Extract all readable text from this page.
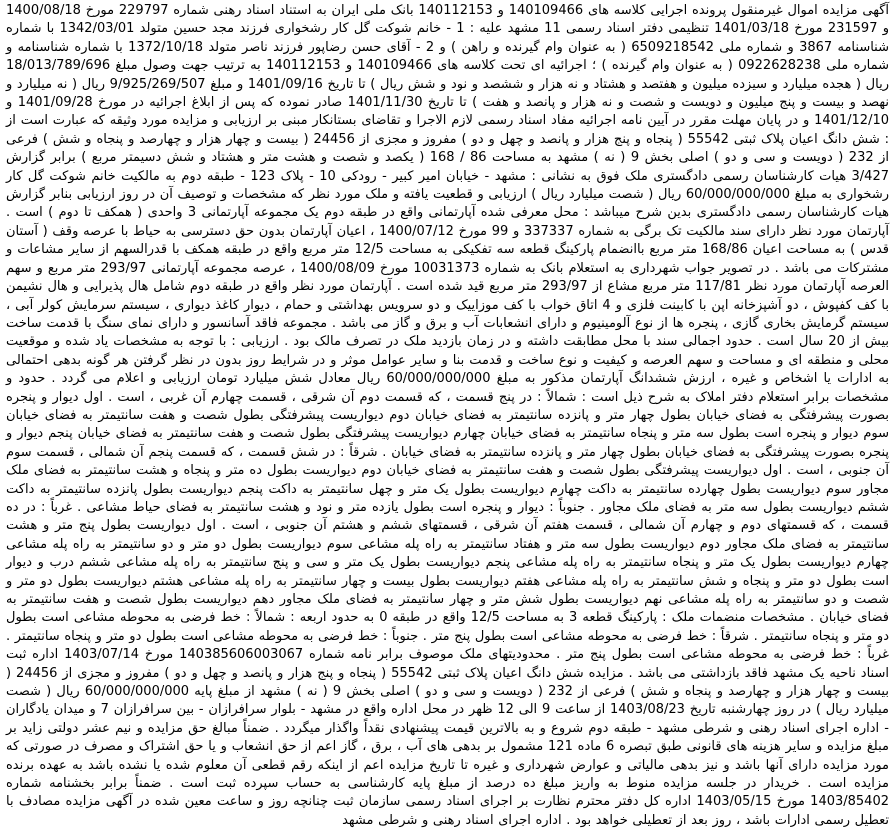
آگهی مزایده اموال غیرمنقول پرونده اجرایی کلاسه های 140109466 و 140112153 بانک ملی ایران به استناد اسناد رهنی شماره 229797 مورخ 1400/08/18 و 231597 مورخ 1401/03/18 تنظیمی دفتر اسناد رسمی 11 مشهد علیه : 1 - خانم شوکت گل کار رشخواری فرزند مجد حسین متولد 1342/03/01 با شماره شناسنامه 3867 و شماره ملی 6509218542 ( به عنوان وام گیرنده و راهن ) و 2 - آقای حسن رضاپور فرزند ناصر متولد 1372/10/18 با شماره شناسنامه و شماره ملی 0922628238 ( به عنوان وام گیرنده ) ؛ اجرائیه ای تحت کلاسه های 140109466 و 140112153 به ترتیب جهت وصول مبلغ 18/013/789/696 ریال ( هجده میلیارد و سیزده میلیون و هفتصد و هشتاد و نه هزار و ششصد و نود و شش ریال ) تا تاریخ 1401/09/16 و مبلغ 9/925/269/507 ریال ( نه میلیارد و نهصد و بیست و پنج میلیون و دویست و شصت و نه هزار و پانصد و هفت ) تا تاریخ 1401/11/30 صادر نموده که پس از ابلاغ اجرائیه در مورخ 1401/09/28 و 1401/12/10 و در پایان مهلت مقرر در آیین نامه اجرائیه مفاد اسناد رسمی لازم الاجرا و تقاضای بستانکار مبنی بر ارزیابی و مزایده مورد وثیقه که عبارت است از : شش دانگ اعیان پلاک ثبتی 55542 ( پنجاه و پنج هزار و پانصد و چهل و دو ) مفروز و مجزی از 24456 ( بیست و چهار هزار و چهارصد و پنجاه و شش ) فرعی از 232 ( دویست و سی و دو ) اصلی بخش 9 ( نه ) مشهد به مساحت 86 / 168 ( یکصد و شصت و هشت متر و هشتاد و شش دسیمتر مربع ) برابر گزارش 3/427 هیات کارشناسان رسمی دادگستری ملک فوق به نشانی : مشهد - خیابان امیر کبیر - رودکی 10 - پلاک 123 - طبقه دوم به مالکیت خانم شوکت گل کار رشخواری به مبلغ 60/000/000/000 ریال ( شصت میلیارد ریال ) ارزیابی و قطعیت یافته و ملک مورد نظر که مشخصات و توصیف آن در روز ارزیابی بنابر گزارش هیات کارشناسان رسمی دادگستری بدین شرح میباشد : محل معرفی شده آپارتمانی واقع در طبقه دوم یک مجموعه آپارتمانی 3 واحدی ( همکف تا دوم ) است . آپارتمان مورد نظر دارای سند مالکیت تک برگی به شماره 337337 و 99 مورخ 1400/07/12 ، اعیان آپارتمان بدون حق دسترسی به حیاط با عرصه وقف ( آستان قدس ) به مساحت اعیان 168/86 متر مربع باانضمام پارکینگ قطعه سه تفکیکی به مساحت 12/5 متر مربع واقع در طبقه همکف با قدرالسهم از سایر مشاعات و مشترکات می باشد . در تصویر جواب شهرداری به استعلام بانک به شماره 10031373 مورخ 1400/08/09 ، عرصه مجموعه آپارتمانی 293/97 متر مربع و سهم العرصه آپارتمان مورد نظر 117/81 متر مربع مشاع از 293/97 متر مربع قید شده است . آپارتمان مورد نظر واقع در طبقه دوم شامل هال پذیرایی و هال نشیمن با کف کفپوش ، دو آشپزخانه اپن با کابینت فلزی و 4 اتاق خواب با کف موزاییک و دو سرویس بهداشتی و حمام ، دیوار کاغذ دیواری ، سیستم سرمایش کولر آبی ، سیستم گرمایش بخاری گازی ، پنجره ها از نوع آلومینیوم و دارای انشعابات آب و برق و گاز می باشد . مجموعه فاقد آسانسور و دارای نمای سنگ با قدمت ساخت بیش از 20 سال است . حدود اجمالی سند با محل مطابقت داشته و در زمان بازدید ملک در تصرف مالک بود . ارزیابی : با توجه به مشخصات یاد شده و موقعیت محلی و منطقه ای و مساحت و سهم العرصه و کیفیت و نوع ساخت و قدمت بنا و سایر عوامل موثر و در شرایط روز بدون در نظر گرفتن هر گونه بدهی احتمالی به ادارات یا اشخاص و غیره ، ارزش ششدانگ آپارتمان مذکور به مبلغ 60/000/000/000 ریال معادل شش میلیارد تومان ارزیابی و اعلام می گردد . حدود و مشخصات برابر استعلام دفتر املاک به شرح ذیل است : شمالاً : در پنج قسمت ، که قسمت دوم آن شرقی ، قسمت چهارم آن غربی ، است . اول دیوار و پنجره بصورت پیشرفتگی به فضای خیابان بطول چهار متر و پانزده سانتیمتر به فضای خیابان دوم دیواریست پیشرفتگی بطول شصت و هفت سانتیمتر به فضای خیابان سوم دیوار و پنجره است بطول سه متر و پنجاه سانتیمتر به فضای خیابان چهارم دیواریست پیشرفتگی بطول شصت و هفت سانتیمتر به فضای خیابان پنجم دیوار و پنجره بصورت پیشرفتگی به فضای خیابان بطول چهار متر و پانزده سانتیمتر به فضای خیابان . شرقاً : در شش قسمت ، که قسمت پنجم آن شمالی ، قسمت سوم آن جنوبی ، است . اول دیواریست پیشرفتگی بطول شصت و هفت سانتیمتر به فضای خیابان دوم دیواریست بطول ده متر و پنجاه و هشت سانتیمتر به فضای ملک مجاور سوم دیواریست بطول چهارده سانتیمتر به داکت چهارم دیواریست بطول یک متر و چهل سانتیمتر به داکت پنجم دیواریست بطول پانزده سانتیمتر به داکت ششم دیواریست بطول سه متر به فضای ملک مجاور . جنوباً : دیوار و پنجره است بطول یازده متر و نود و هشت سانتیمتر به فضای حیاط مشاعی . غرباً : در ده قسمت ، که قسمتهای دوم و چهارم آن شمالی ، قسمت هفتم آن شرقی ، قسمتهای ششم و هشتم آن جنوبی ، است . اول دیواریست بطول پنج متر و هشت سانتیمتر به فضای ملک مجاور دوم دیواریست بطول سه متر و هفتاد سانتیمتر به راه پله مشاعی سوم دیواریست بطول دو متر و دو سانتیمتر به راه پله مشاعی چهارم دیواریست بطول یک متر و پنجاه سانتیمتر به راه پله مشاعی پنجم دیواریست بطول یک متر و سی و پنج سانتیمتر به راه پله مشاعی ششم درب و دیوار است بطول دو متر و پنجاه و شش سانتیمتر به راه پله مشاعی هفتم دیواریست بطول بیست و چهار سانتیمتر به راه پله مشاعی هشتم دیواریست بطول دو متر و شصت و دو سانتیمتر به راه پله مشاعی نهم دیواریست بطول شش متر و چهار سانتیمتر به فضای ملک مجاور دهم دیواریست بطول شصت و هفت سانتیمتر به فضای خیابان . مشخصات منضمات ملک : پارکینگ قطعه 3 به مساحت 12/5 واقع در طبقه 0 به حدود اربعه : شمالاً : خط فرضی به محوطه مشاعی است بطول دو متر و پنجاه سانتیمتر . شرقاً : خط فرضی به محوطه مشاعی است بطول پنج متر . جنوباً : خط فرضی به محوطه مشاعی است بطول دو متر و پنجاه سانتیمتر . غرباً : خط فرضی به محوطه مشاعی است بطول پنج متر . محدودیتهای ملک موصوف برابر نامه شماره 140385606003067 مورخ 1403/07/14 اداره ثبت اسناد ناحیه یک مشهد فاقد بازداشتی می باشد . مزایده شش دانگ اعیان پلاک ثبتی 55542 ( پنجاه و پنج هزار و پانصد و چهل و دو ) مفروز و مجزی از 24456 ( بیست و چهار هزار و چهارصد و پنجاه و شش ) فرعی از 232 ( دویست و سی و دو ) اصلی بخش 9 ( نه ) مشهد از مبلغ پایه 60/000/000/000 ریال ( شصت میلیارد ریال ) در روز چهارشنبه تاریخ 1403/08/23 از ساعت 9 الی 12 ظهر در محل اداره واقع در مشهد - بلوار سرافرازان - بین سرافرازان 7 و میدان یادگاران - اداره اجرای اسناد رهنی و شرطی مشهد - طبقه دوم شروع و به بالاترین قیمت پیشنهادی نقداً واگذار میگردد . ضمناً مبالغ حق مزایده و نیم عشر دولتی زاید بر مبلغ مزایده و سایر هزینه های قانونی طبق تبصره 6 ماده 121 مشمول بر بدهی های آب ، برق ، گاز اعم از حق انشعاب و یا حق اشتراک و مصرف در صورتی که مورد مزایده دارای آنها باشد و نیز بدهی مالیاتی و عوارض شهرداری و غیره تا تاریخ مزایده اعم از اینکه رقم قطعی آن معلوم شده یا نشده باشد به عهده برنده مزایده است . خریدار در جلسه مزایده منوط به واریز مبلغ ده درصد از مبلغ پایه کارشناسی به حساب سپرده ثبت است . ضمناً برابر بخشنامه شماره 1403/85402 مورخ 1403/05/15 اداره کل دفتر محترم نظارت بر اجرای اسناد رسمی سازمان ثبت چنانچه روز و ساعت معین شده در آگهی مزایده مصادف با تعطیل رسمی ادارات باشد ، روز بعد از تعطیلی خواهد بود . اداره اجرای اسناد رهنی و شرطی مشهد
